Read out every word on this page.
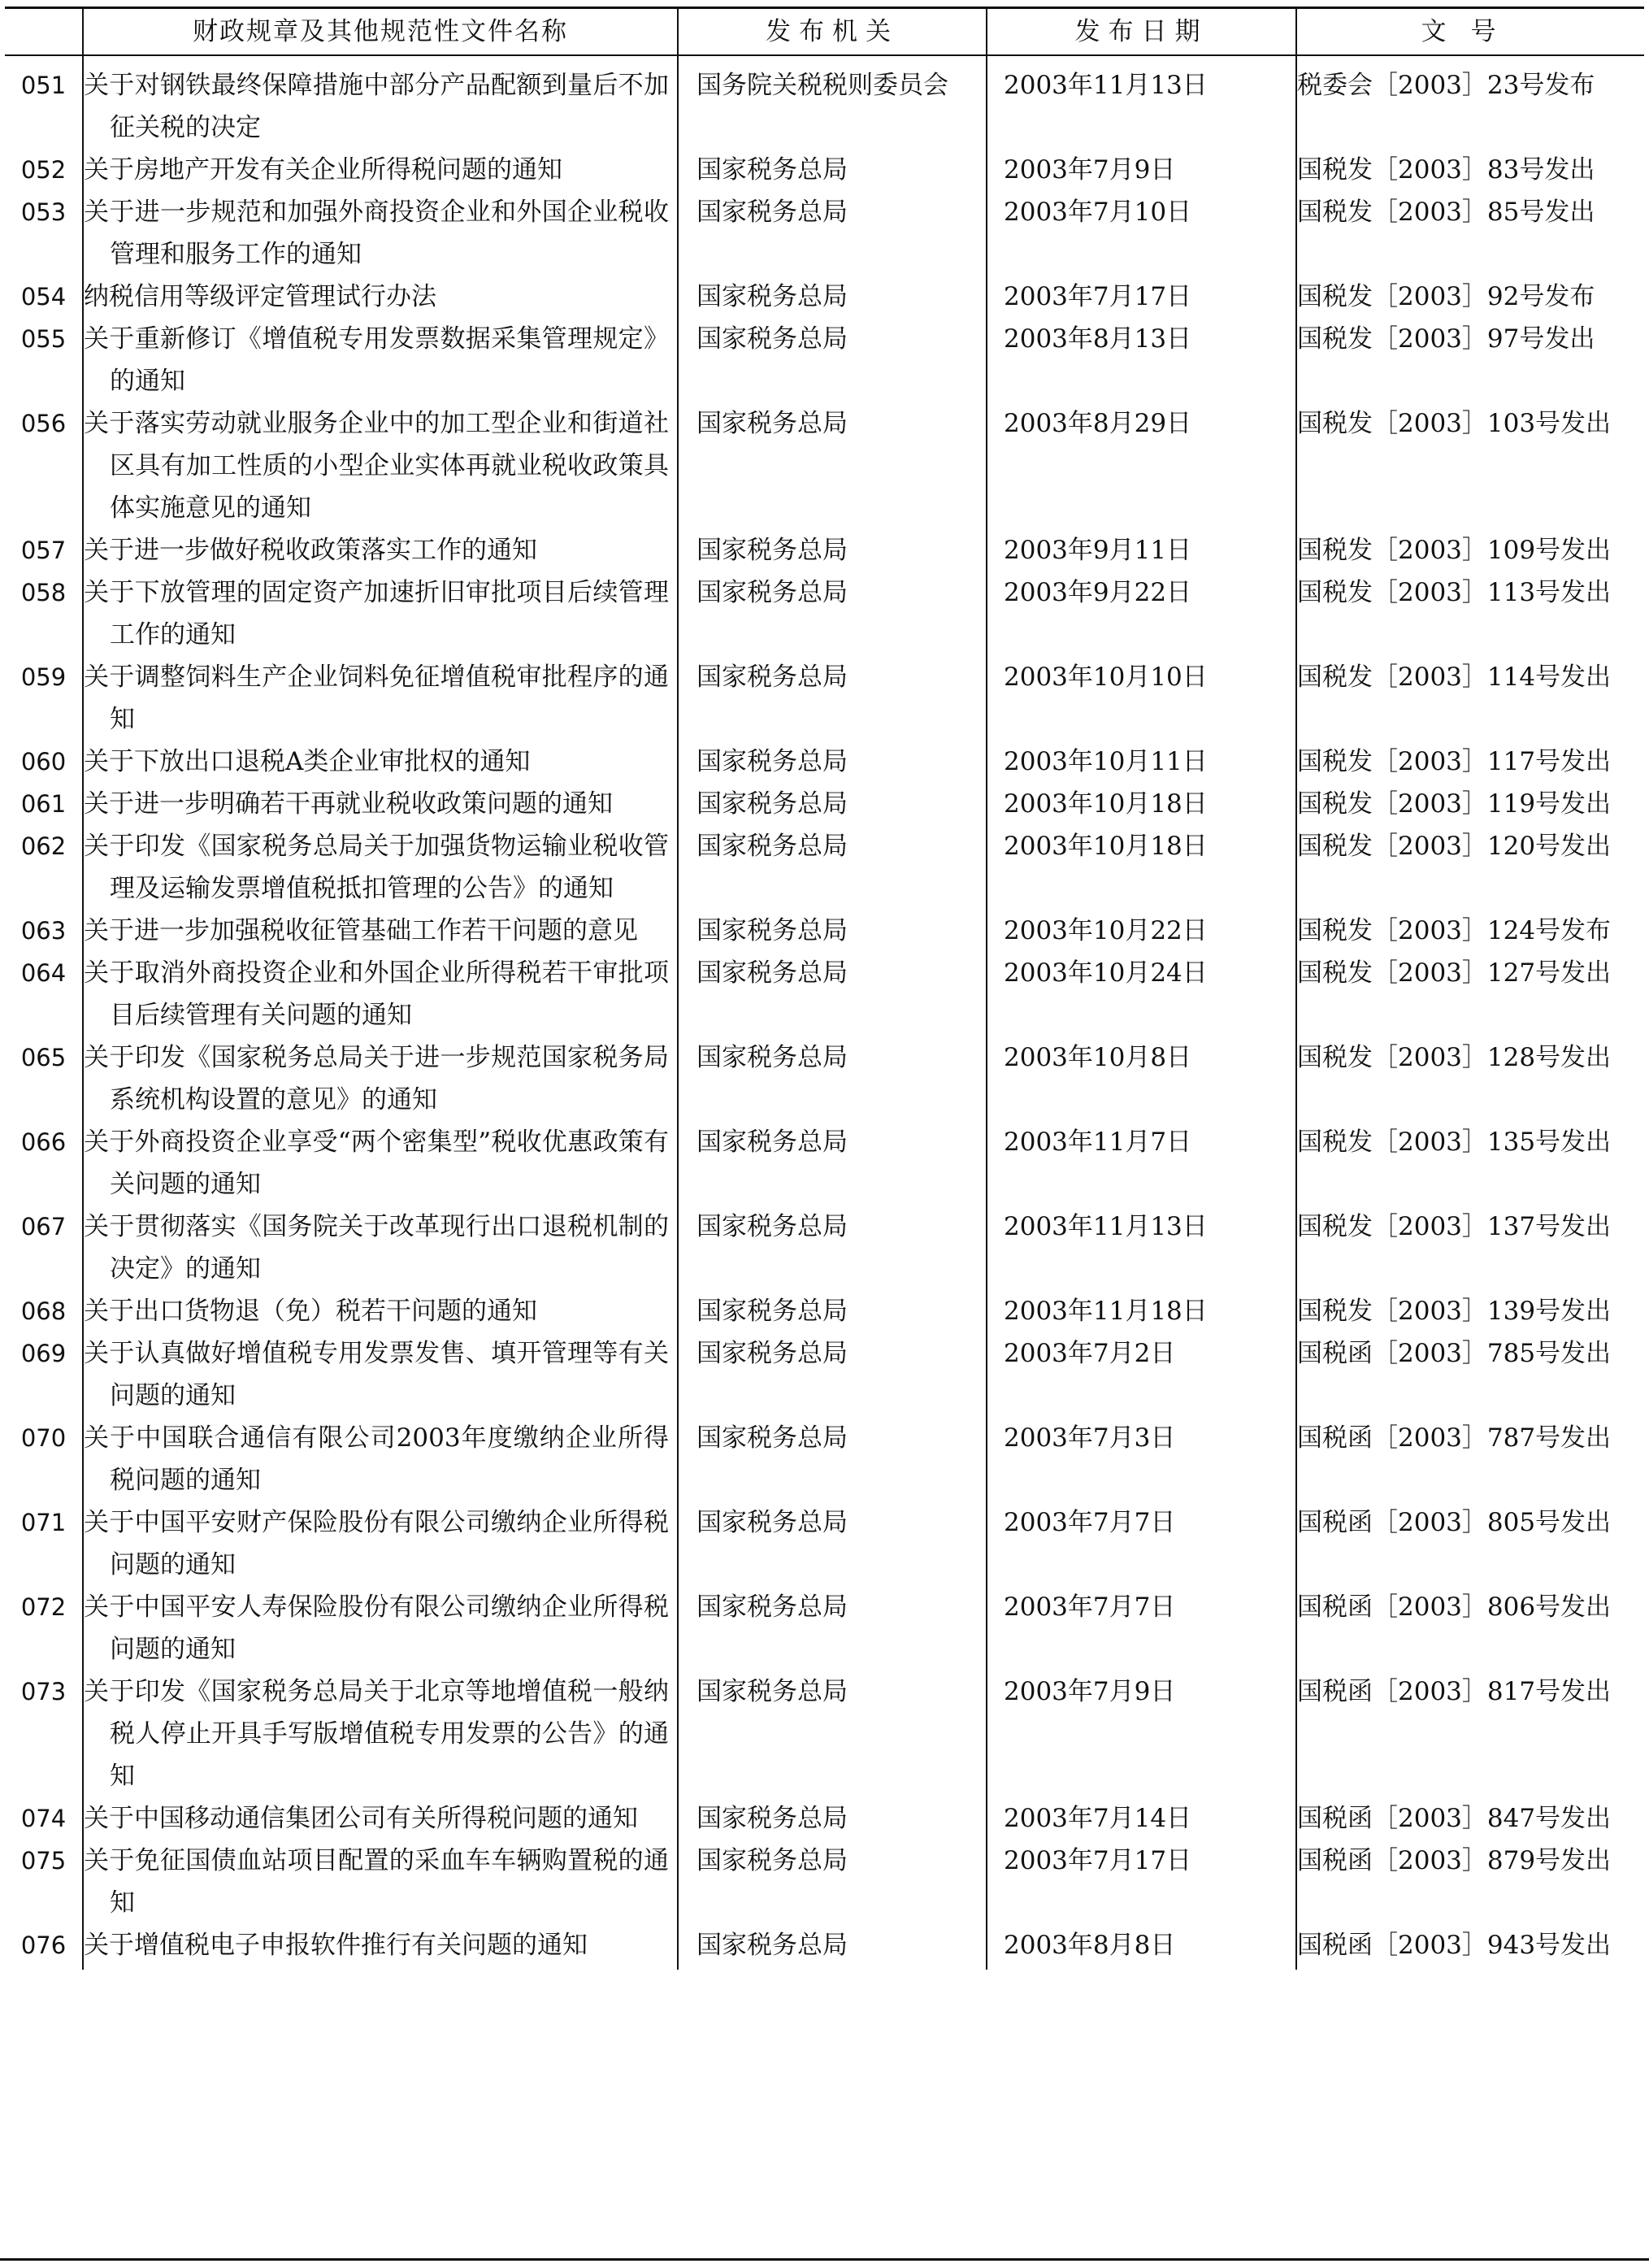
	财政规章及其他规范性文件名称	发布机关	发布日期	文号
051	关于对钢铁最终保障措施中部分产品配额到量后不加征关税的决定	国务院关税税则委员会	2003年11月13日	税委会［2003］23号发布
052	关于房地产开发有关企业所得税问题的通知	国家税务总局	2003年7月9日	国税发［2003］83号发出
053	关于进一步规范和加强外商投资企业和外国企业税收管理和服务工作的通知	国家税务总局	2003年7月10日	国税发［2003］85号发出
054	纳税信用等级评定管理试行办法	国家税务总局	2003年7月17日	国税发［2003］92号发布
055	关于重新修订《增值税专用发票数据采集管理规定》的通知	国家税务总局	2003年8月13日	国税发［2003］97号发出
056	关于落实劳动就业服务企业中的加工型企业和街道社区具有加工性质的小型企业实体再就业税收政策具体实施意见的通知	国家税务总局	2003年8月29日	国税发［2003］103号发出
057	关于进一步做好税收政策落实工作的通知	国家税务总局	2003年9月11日	国税发［2003］109号发出
058	关于下放管理的固定资产加速折旧审批项目后续管理工作的通知	国家税务总局	2003年9月22日	国税发［2003］113号发出
059	关于调整饲料生产企业饲料免征增值税审批程序的通知	国家税务总局	2003年10月10日	国税发［2003］114号发出
060	关于下放出口退税A类企业审批权的通知	国家税务总局	2003年10月11日	国税发［2003］117号发出
061	关于进一步明确若干再就业税收政策问题的通知	国家税务总局	2003年10月18日	国税发［2003］119号发出
062	关于印发《国家税务总局关于加强货物运输业税收管理及运输发票增值税抵扣管理的公告》的通知	国家税务总局	2003年10月18日	国税发［2003］120号发出
063	关于进一步加强税收征管基础工作若干问题的意见	国家税务总局	2003年10月22日	国税发［2003］124号发布
064	关于取消外商投资企业和外国企业所得税若干审批项目后续管理有关问题的通知	国家税务总局	2003年10月24日	国税发［2003］127号发出
065	关于印发《国家税务总局关于进一步规范国家税务局系统机构设置的意见》的通知	国家税务总局	2003年10月8日	国税发［2003］128号发出
066	关于外商投资企业享受“两个密集型”税收优惠政策有关问题的通知	国家税务总局	2003年11月7日	国税发［2003］135号发出
067	关于贯彻落实《国务院关于改革现行出口退税机制的决定》的通知	国家税务总局	2003年11月13日	国税发［2003］137号发出
068	关于出口货物退（免）税若干问题的通知	国家税务总局	2003年11月18日	国税发［2003］139号发出
069	关于认真做好增值税专用发票发售、填开管理等有关问题的通知	国家税务总局	2003年7月2日	国税函［2003］785号发出
070	关于中国联合通信有限公司2003年度缴纳企业所得税问题的通知	国家税务总局	2003年7月3日	国税函［2003］787号发出
071	关于中国平安财产保险股份有限公司缴纳企业所得税问题的通知	国家税务总局	2003年7月7日	国税函［2003］805号发出
072	关于中国平安人寿保险股份有限公司缴纳企业所得税问题的通知	国家税务总局	2003年7月7日	国税函［2003］806号发出
073	关于印发《国家税务总局关于北京等地增值税一般纳税人停止开具手写版增值税专用发票的公告》的通知	国家税务总局	2003年7月9日	国税函［2003］817号发出
074	关于中国移动通信集团公司有关所得税问题的通知	国家税务总局	2003年7月14日	国税函［2003］847号发出
075	关于免征国债血站项目配置的采血车车辆购置税的通知	国家税务总局	2003年7月17日	国税函［2003］879号发出
076	关于增值税电子申报软件推行有关问题的通知	国家税务总局	2003年8月8日	国税函［2003］943号发出
